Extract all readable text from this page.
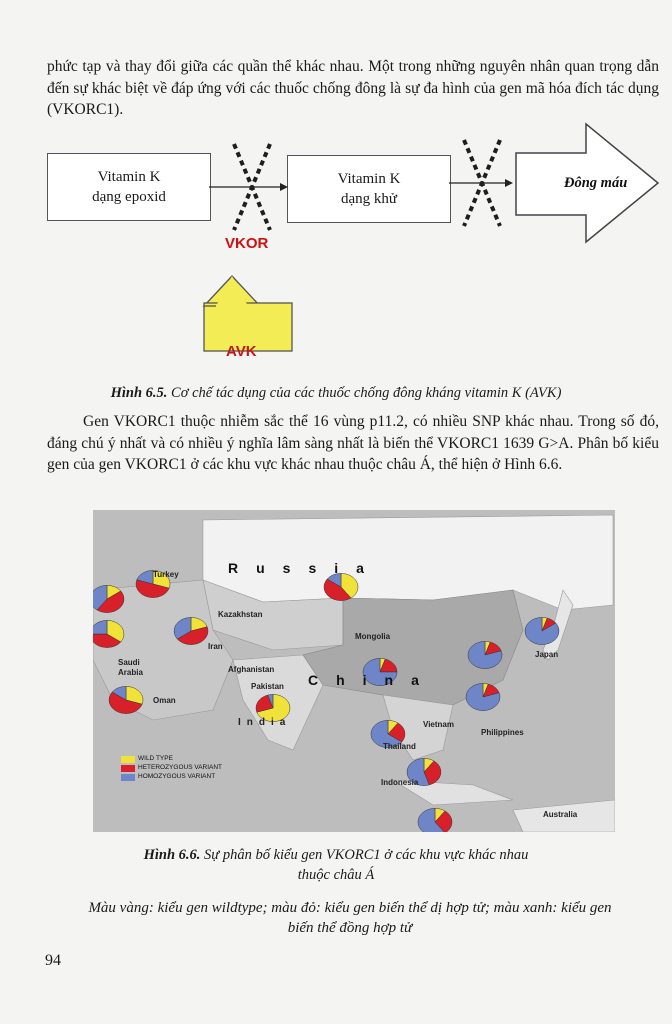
phức tạp và thay đổi giữa các quần thể khác nhau. Một trong những nguyên nhân quan trọng dẫn đến sự khác biệt về đáp ứng với các thuốc chống đông là sự đa hình của gen mã hóa đích tác dụng (VKORC1).

Vitamin K
dạng epoxid
Vitamin K
dạng khử
Đông máu
VKOR
AVK

Hình 6.5. Cơ chế tác dụng của các thuốc chống đông kháng vitamin K (AVK)

Gen VKORC1 thuộc nhiễm sắc thể 16 vùng p11.2, có nhiều SNP khác nhau. Trong số đó, đáng chú ý nhất và có nhiều ý nghĩa lâm sàng nhất là biến thể VKORC1 1639 G>A. Phân bố kiểu gen của gen VKORC1 ở các khu vực khác nhau thuộc châu Á, thể hiện ở Hình 6.6.

Russia
China
India
Kazakhstan
Mongolia
Iran
Afghanistan
Pakistan
Saudi
Arabia
Oman
Japan
Turkey
Philippines
Indonesia
Australia
Thailand
Vietnam
WILD TYPE
HETEROZYGOUS VARIANT
HOMOZYGOUS VARIANT

Hình 6.6. Sự phân bố kiểu gen VKORC1 ở các khu vực khác nhau
thuộc châu Á

Màu vàng: kiểu gen wildtype; màu đỏ: kiểu gen biến thể dị hợp tử; màu xanh: kiểu gen
biến thể đồng hợp tử

94
